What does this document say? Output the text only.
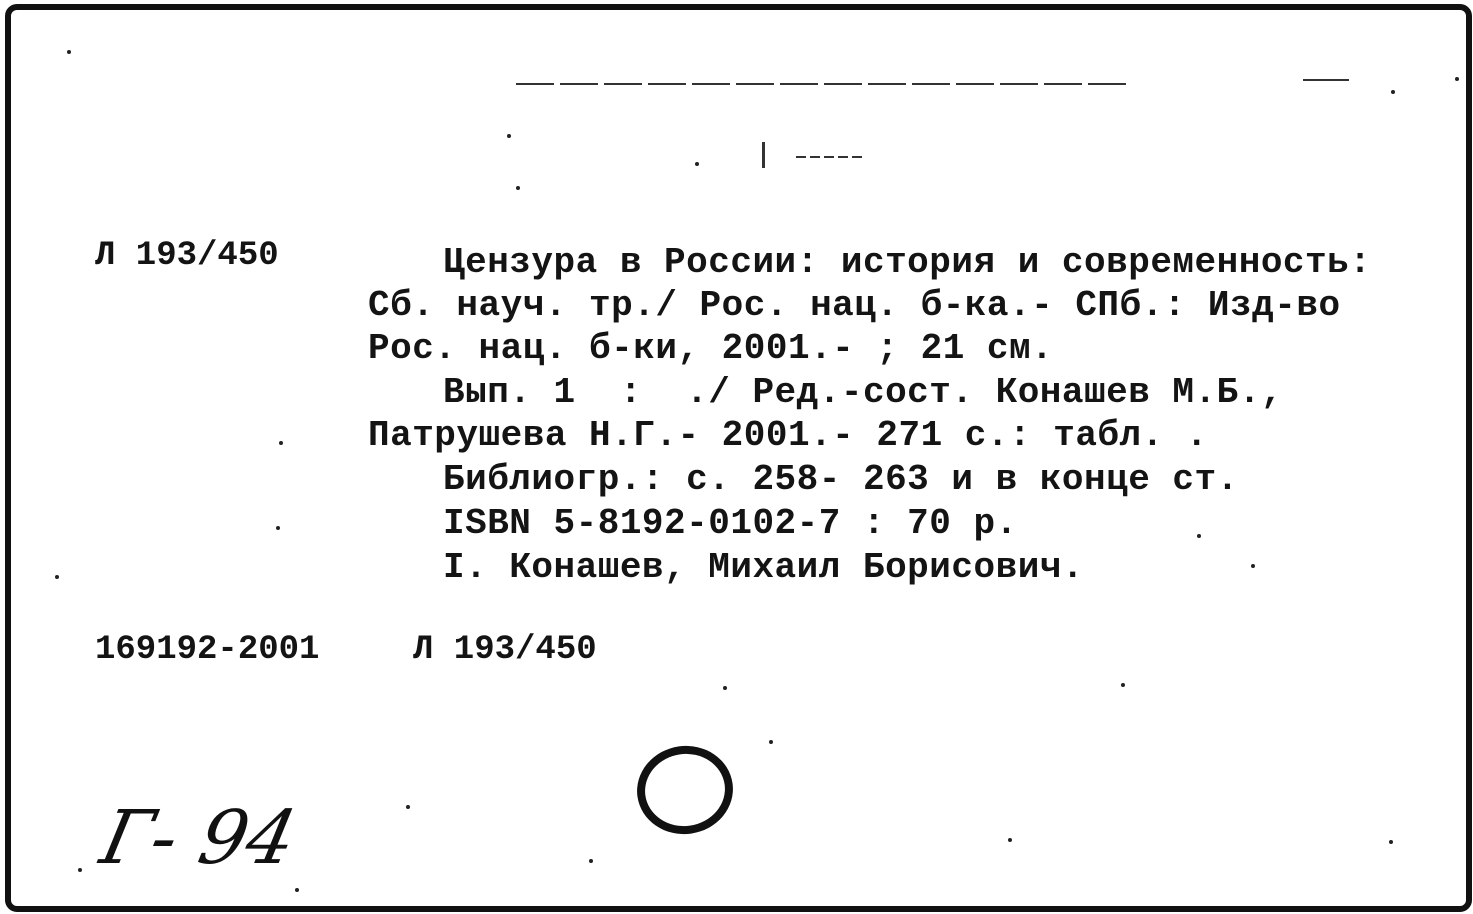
Л 193/450	Цензура в России: история и современность:
Сб. науч. тр./ Рос. нац. б-ка.- СПб.: Изд-во
Рос. нац. б-ки, 2001.- ; 21 см.
Вып. 1  :  ./ Ред.-сост. Конашев М.Б.,
Патрушева Н.Г.- 2001.- 271 с.: табл. .
Библиогр.: с. 258- 263 и в конце ст.
ISBN 5-8192-0102-7 : 70 р.
I. Конашев, Михаил Борисович.
169192-2001	Л 193/450
Г- 94
